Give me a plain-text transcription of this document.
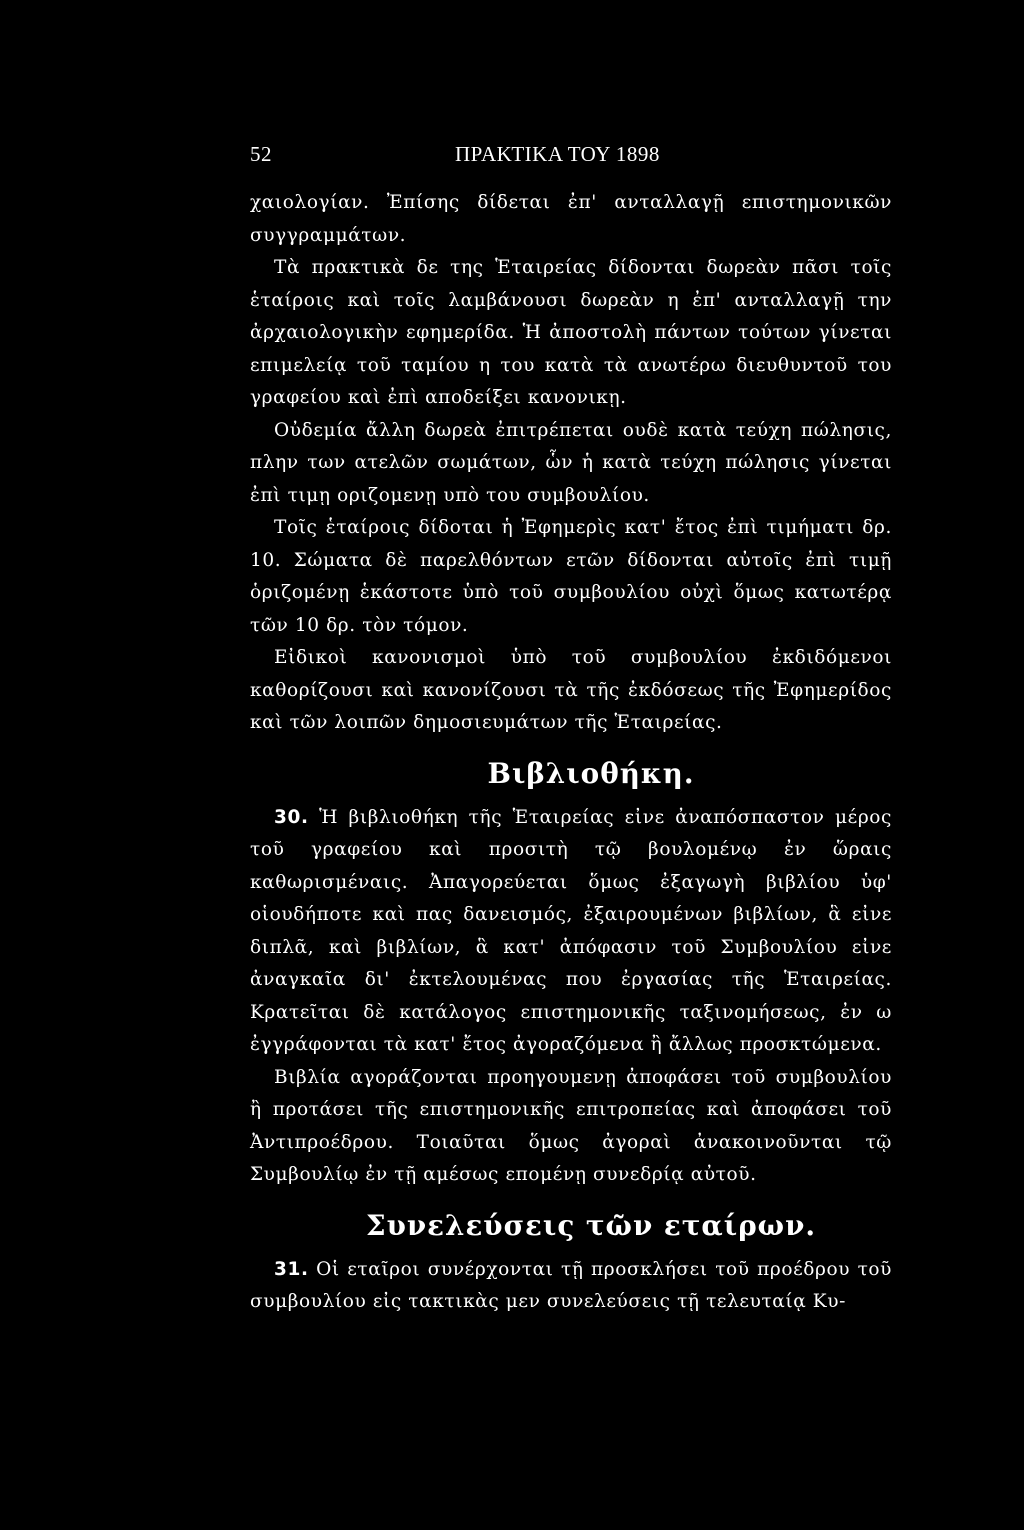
52	ΠΡΑΚΤΙΚΑ ΤΟΥ 1898

χαιολογίαν. Ἐπίσης δίδεται ἐπ' ανταλλαγῇ επιστημονικῶν συγγραμμάτων.

Τὰ πρακτικὰ δε της Ἑταιρείας δίδονται δωρεὰν πᾶσι τοῖς ἑταίροις καὶ τοῖς λαμβάνουσι δωρεὰν η ἐπ' ανταλλαγῇ την ἀρχαιολογικὴν εφημερίδα. Ἡ ἀποστολὴ πάντων τούτων γίνεται επιμελείᾳ τοῦ ταμίου η του κατὰ τὰ ανωτέρω διευθυντοῦ του γραφείου καὶ ἐπὶ αποδείξει κανονικῃ.

Οὐδεμία ἄλλη δωρεὰ ἐπιτρέπεται ουδὲ κατὰ τεύχη πώλησις, πλην των ατελῶν σωμάτων, ὧν ἡ κατὰ τεύχη πώλησις γίνεται ἐπὶ τιμῃ οριζομενῃ υπὸ του συμβουλίου.

Τοῖς ἑταίροις δίδοται ἡ Ἐφημερὶς κατ' ἔτος ἐπὶ τιμήματι δρ. 10. Σώματα δὲ παρελθόντων ετῶν δίδονται αὐτοῖς ἐπὶ τιμῇ ὁριζομένῃ ἑκάστοτε ὑπὸ τοῦ συμβουλίου οὐχὶ ὅμως κατωτέρᾳ τῶν 10 δρ. τὸν τόμον.

Εἰδικοὶ κανονισμοὶ ὑπὸ τοῦ συμβουλίου ἐκδιδόμενοι καθορίζουσι καὶ κανονίζουσι τὰ τῆς ἐκδόσεως τῆς Ἐφημερίδος καὶ τῶν λοιπῶν δημοσιευμάτων τῆς Ἑταιρείας.

Βιβλιοθήκη.

30. Ἡ βιβλιοθήκη τῆς Ἑταιρείας εἰνε ἀναπόσπαστον μέρος τοῦ γραφείου καὶ προσιτὴ τῷ βουλομένῳ ἐν ὥραις καθωρισμέναις. Ἀπαγορεύεται ὅμως ἐξαγωγὴ βιβλίου ὑφ' οἱουδήποτε καὶ πας δανεισμός, ἐξαιρουμένων βιβλίων, ἃ εἰνε διπλᾶ, καὶ βιβλίων, ἃ κατ' ἀπόφασιν τοῦ Συμβουλίου εἰνε ἀναγκαῖα δι' ἐκτελουμένας που ἐργασίας τῆς Ἑταιρείας. Κρατεῖται δὲ κατάλογος επιστημονικῆς ταξινομήσεως, ἐν ω ἐγγράφονται τὰ κατ' ἔτος ἀγοραζόμενα ἢ ἄλλως προσκτώμενα.

Βιβλία αγοράζονται προηγουμενῃ ἀποφάσει τοῦ συμβουλίου ἢ προτάσει τῆς επιστημονικῆς επιτροπείας καὶ ἀποφάσει τοῦ Ἀντιπροέδρου. Τοιαῦται ὅμως ἀγοραὶ ἀνακοινοῦνται τῷ Συμβουλίῳ ἐν τῇ αμέσως επομένῃ συνεδρίᾳ αὐτοῦ.

Συνελεύσεις τῶν εταίρων.

31. Οἱ εταῖροι συνέρχονται τῇ προσκλήσει τοῦ προέδρου τοῦ συμβουλίου εἰς τακτικὰς μεν συνελεύσεις τῇ τελευταίᾳ Κυ-
